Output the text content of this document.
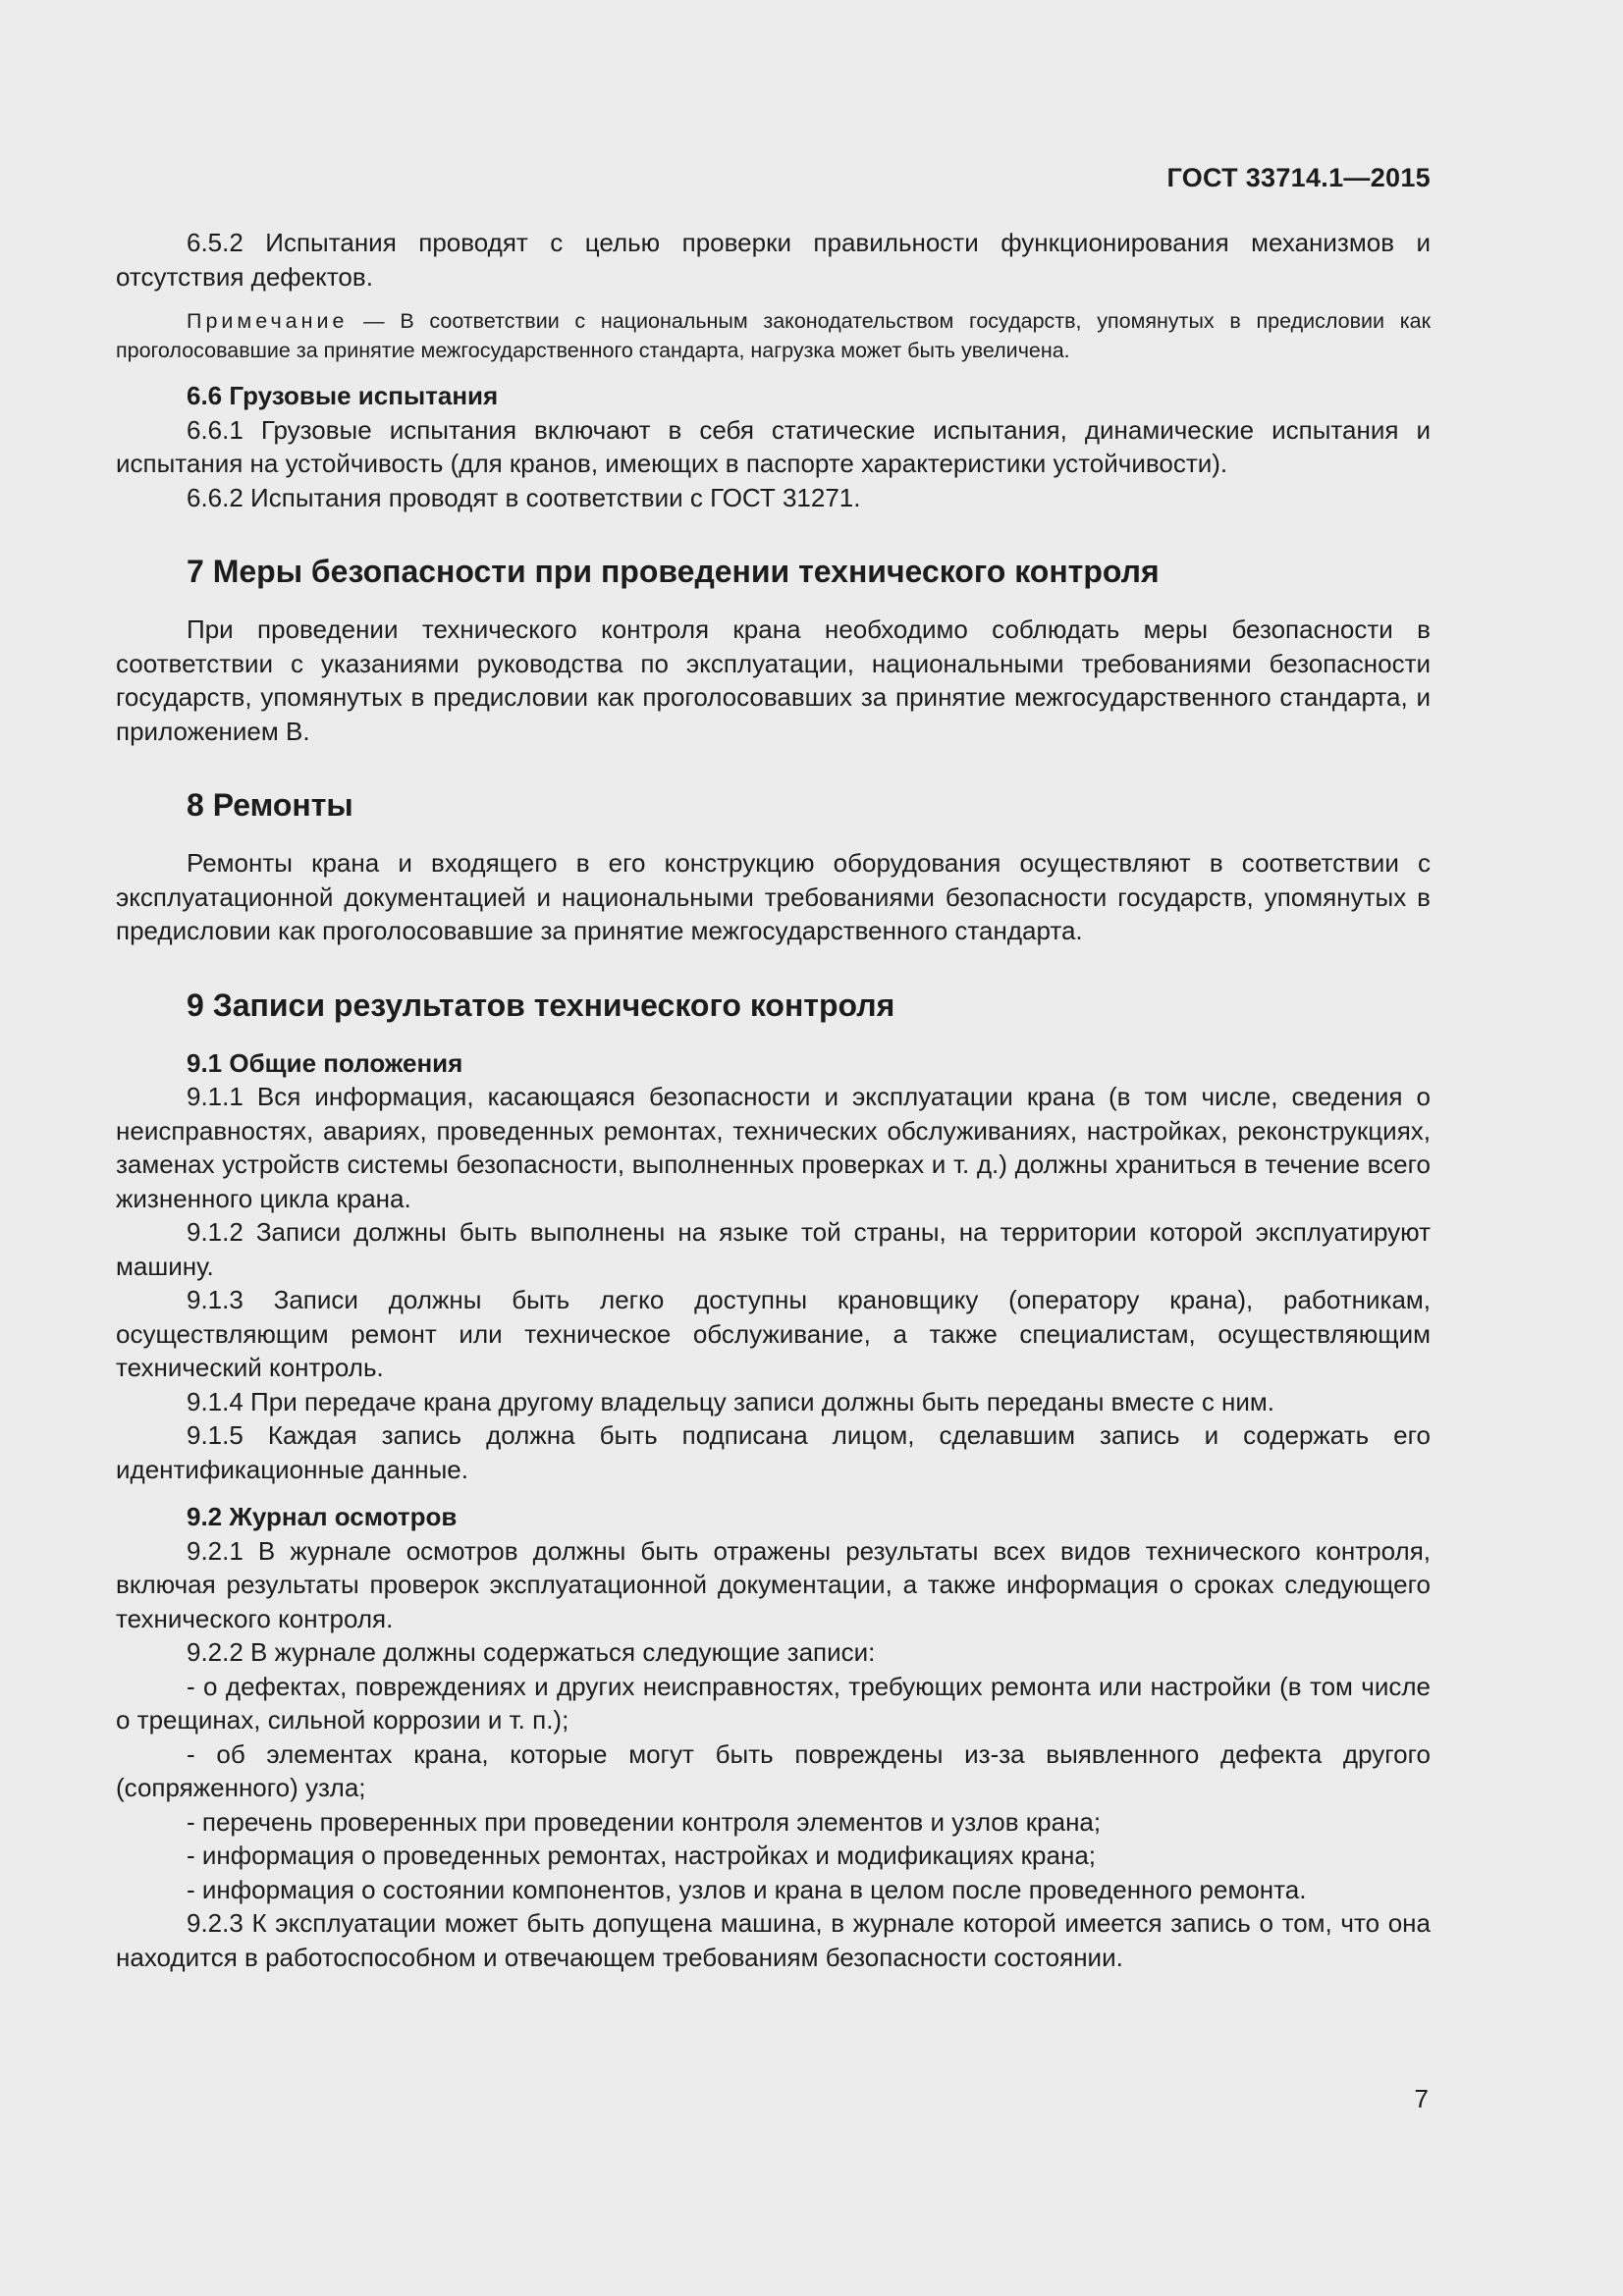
ГОСТ 33714.1—2015

6.5.2 Испытания проводят с целью проверки правильности функционирования механизмов и отсутствия дефектов.

Примечание — В соответствии с национальным законодательством государств, упомянутых в предисловии как проголосовавшие за принятие межгосударственного стандарта, нагрузка может быть увеличена.
6.6 Грузовые испытания

6.6.1 Грузовые испытания включают в себя статические испытания, динамические испытания и испытания на устойчивость (для кранов, имеющих в паспорте характеристики устойчивости).

6.6.2 Испытания проводят в соответствии с ГОСТ 31271.

7 Меры безопасности при проведении технического контроля

При проведении технического контроля крана необходимо соблюдать меры безопасности в соответствии с указаниями руководства по эксплуатации, национальными требованиями безопасности государств, упомянутых в предисловии как проголосовавших за принятие межгосударственного стандарта, и приложением В.

8 Ремонты

Ремонты крана и входящего в его конструкцию оборудования осуществляют в соответствии с эксплуатационной документацией и национальными требованиями безопасности государств, упомянутых в предисловии как проголосовавшие за принятие межгосударственного стандарта.

9 Записи результатов технического контроля
9.1 Общие положения

9.1.1 Вся информация, касающаяся безопасности и эксплуатации крана (в том числе, сведения о неисправностях, авариях, проведенных ремонтах, технических обслуживаниях, настройках, реконструкциях, заменах устройств системы безопасности, выполненных проверках и т. д.) должны храниться в течение всего жизненного цикла крана.

9.1.2 Записи должны быть выполнены на языке той страны, на территории которой эксплуатируют машину.

9.1.3 Записи должны быть легко доступны крановщику (оператору крана), работникам, осуществляющим ремонт или техническое обслуживание, а также специалистам, осуществляющим технический контроль.

9.1.4 При передаче крана другому владельцу записи должны быть переданы вместе с ним.

9.1.5 Каждая запись должна быть подписана лицом, сделавшим запись и содержать его идентификационные данные.

9.2 Журнал осмотров

9.2.1 В журнале осмотров должны быть отражены результаты всех видов технического контроля, включая результаты проверок эксплуатационной документации, а также информация о сроках следующего технического контроля.

9.2.2 В журнале должны содержаться следующие записи:

- о дефектах, повреждениях и других неисправностях, требующих ремонта или настройки (в том числе о трещинах, сильной коррозии и т. п.);

- об элементах крана, которые могут быть повреждены из-за выявленного дефекта другого (сопряженного) узла;

- перечень проверенных при проведении контроля элементов и узлов крана;

- информация о проведенных ремонтах, настройках и модификациях крана;

- информация о состоянии компонентов, узлов и крана в целом после проведенного ремонта.

9.2.3 К эксплуатации может быть допущена машина, в журнале которой имеется запись о том, что она находится в работоспособном и отвечающем требованиям безопасности состоянии.

7
